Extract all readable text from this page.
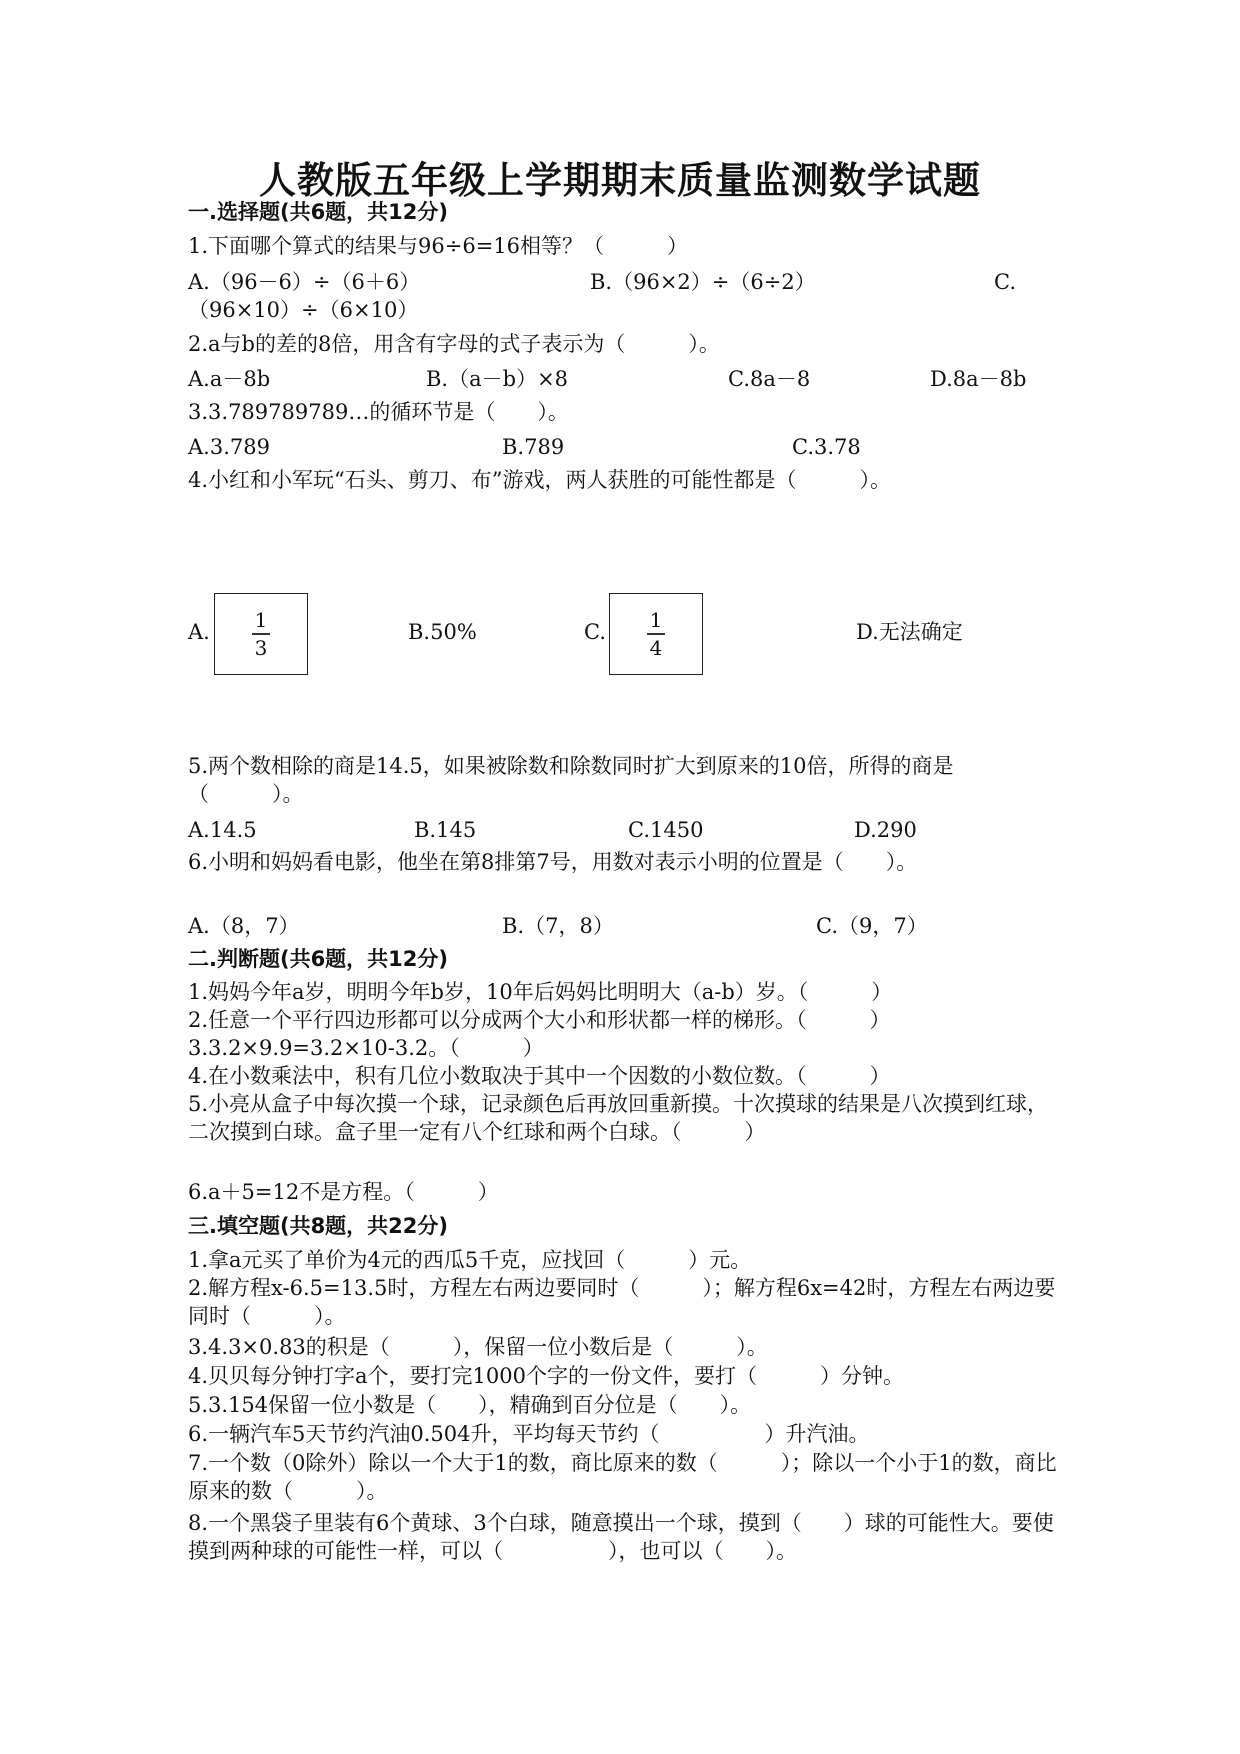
人教版五年级上学期期末质量监测数学试题
一.选择题(共6题，共12分)
1.下面哪个算式的结果与96÷6=16相等？（　　　）
A.（96－6）÷（6＋6）	B.（96×2）÷（6÷2）	C.
（96×10）÷（6×10）
2.a与b的差的8倍，用含有字母的式子表示为（　　　）。
A.a－8b	B.（a－b）×8	C.8a－8	D.8a－8b
3.3.789789789…的循环节是（　　）。
A.3.789	B.789	C.3.78
4.小红和小军玩“石头、剪刀、布”游戏，两人获胜的可能性都是（　　　）。
A. $\frac{1}{3}$	B.50%	C. $\frac{1}{4}$	D.无法确定
5.两个数相除的商是14.5，如果被除数和除数同时扩大到原来的10倍，所得的商是（　　　）。
A.14.5	B.145	C.1450	D.290
6.小明和妈妈看电影，他坐在第8排第7号，用数对表示小明的位置是（　　）。
A.（8，7）	B.（7，8）	C.（9，7）
二.判断题(共6题，共12分)
1.妈妈今年a岁，明明今年b岁，10年后妈妈比明明大（a-b）岁。（　　　）
2.任意一个平行四边形都可以分成两个大小和形状都一样的梯形。（　　　）
3.3.2×9.9=3.2×10-3.2。（　　　）
4.在小数乘法中，积有几位小数取决于其中一个因数的小数位数。（　　　）
5.小亮从盒子中每次摸一个球，记录颜色后再放回重新摸。十次摸球的结果是八次摸到红球，二次摸到白球。盒子里一定有八个红球和两个白球。（　　　）
6.a＋5=12不是方程。（　　　）
三.填空题(共8题，共22分)
1.拿a元买了单价为4元的西瓜5千克，应找回（　　　）元。
2.解方程x-6.5=13.5时，方程左右两边要同时（　　　）；解方程6x=42时，方程左右两边要同时（　　　）。
3.4.3×0.83的积是（　　　），保留一位小数后是（　　　）。
4.贝贝每分钟打字a个，要打完1000个字的一份文件，要打（　　　）分钟。
5.3.154保留一位小数是（　　），精确到百分位是（　　）。
6.一辆汽车5天节约汽油0.504升，平均每天节约（　　　　　）升汽油。
7.一个数（0除外）除以一个大于1的数，商比原来的数（　　　）；除以一个小于1的数，商比原来的数（　　　）。
8.一个黑袋子里装有6个黄球、3个白球，随意摸出一个球，摸到（　　）球的可能性大。要使摸到两种球的可能性一样，可以（　　　　　），也可以（　　）。
